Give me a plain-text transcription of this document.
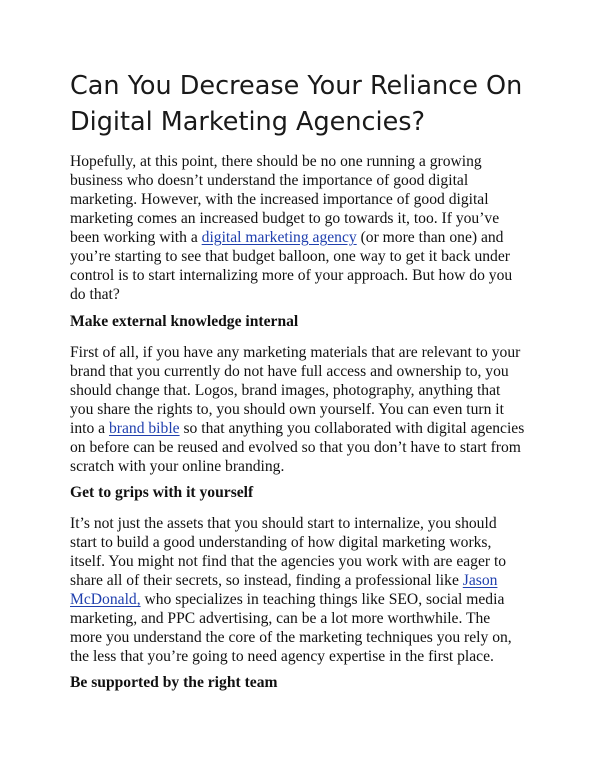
Can You Decrease Your Reliance On
Digital Marketing Agencies?

Hopefully, at this point, there should be no one running a growing
business who doesn’t understand the importance of good digital
marketing. However, with the increased importance of good digital
marketing comes an increased budget to go towards it, too. If you’ve
been working with a digital marketing agency (or more than one) and
you’re starting to see that budget balloon, one way to get it back under
control is to start internalizing more of your approach. But how do you
do that?

Make external knowledge internal

First of all, if you have any marketing materials that are relevant to your
brand that you currently do not have full access and ownership to, you
should change that. Logos, brand images, photography, anything that
you share the rights to, you should own yourself. You can even turn it
into a brand bible so that anything you collaborated with digital agencies
on before can be reused and evolved so that you don’t have to start from
scratch with your online branding.

Get to grips with it yourself

It’s not just the assets that you should start to internalize, you should
start to build a good understanding of how digital marketing works,
itself. You might not find that the agencies you work with are eager to
share all of their secrets, so instead, finding a professional like Jason
McDonald, who specializes in teaching things like SEO, social media
marketing, and PPC advertising, can be a lot more worthwhile. The
more you understand the core of the marketing techniques you rely on,
the less that you’re going to need agency expertise in the first place.

Be supported by the right team
